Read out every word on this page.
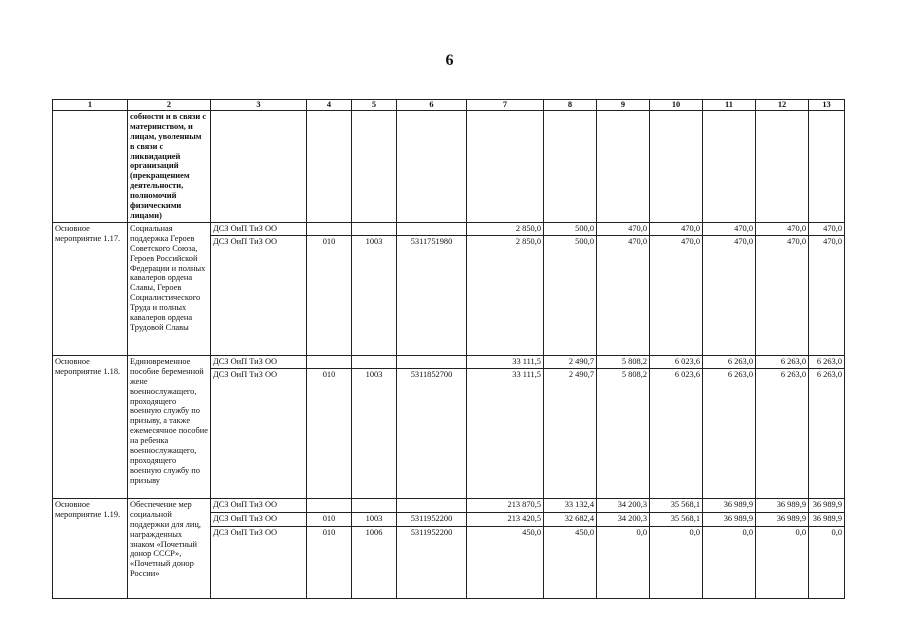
6
1	2	3	4	5	6	7	8	9	10	11	12	13
	собности и в связи с материнством, и лицам, уволенным в связи с ликвидацией организаций (прекращением деятельности, полномочий физическими лицами)											
Основное мероприятие 1.17.	Социальная поддержка Героев Советского Союза, Героев Российской Федерации и полных кавалеров ордена Славы, Героев Социалистического Труда и полных кавалеров ордена Трудовой Славы	ДСЗ ОиП ТиЗ ОО				2 850,0	500,0	470,0	470,0	470,0	470,0	470,0
		ДСЗ ОиП ТиЗ ОО	010	1003	5311751980	2 850,0	500,0	470,0	470,0	470,0	470,0	470,0
Основное мероприятие 1.18.	Единовременное пособие беременной жене военнослужащего, проходящего военную службу по призыву, а также ежемесячное пособие на ребенка военнослужащего, проходящего военную службу по призыву	ДСЗ ОиП ТиЗ ОО				33 111,5	2 490,7	5 808,2	6 023,6	6 263,0	6 263,0	6 263,0
		ДСЗ ОиП ТиЗ ОО	010	1003	5311852700	33 111,5	2 490,7	5 808,2	6 023,6	6 263,0	6 263,0	6 263,0
Основное мероприятие 1.19.	Обеспечение мер социальной поддержки для лиц, награжденных знаком «Почетный донор СССР», «Почетный донор России»	ДСЗ ОиП ТиЗ ОО				213 870,5	33 132,4	34 200,3	35 568,1	36 989,9	36 989,9	36 989,9
		ДСЗ ОиП ТиЗ ОО	010	1003	5311952200	213 420,5	32 682,4	34 200,3	35 568,1	36 989,9	36 989,9	36 989,9
		ДСЗ ОиП ТиЗ ОО	010	1006	5311952200	450,0	450,0	0,0	0,0	0,0	0,0	0,0
